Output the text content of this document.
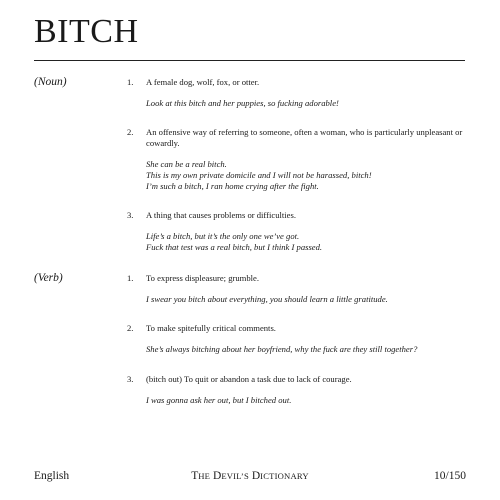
BITCH
(Noun)	1. A female dog, wolf, fox, or otter.
Look at this bitch and her puppies, so fucking adorable!
2. An offensive way of referring to someone, often a woman, who is particularly unpleasant or cowardly.
She can be a real bitch.
This is my own private domicile and I will not be harassed, bitch!
I’m such a bitch, I ran home crying after the fight.
3. A thing that causes problems or difficulties.
Life’s a bitch, but it’s the only one we’ve got.
Fuck that test was a real bitch, but I think I passed.
(Verb)	1. To express displeasure; grumble.
I swear you bitch about everything, you should learn a little gratitude.
2. To make spitefully critical comments.
She’s always bitching about her boyfriend, why the fuck are they still together?
3. (bitch out) To quit or abandon a task due to lack of courage.
I was gonna ask her out, but I bitched out.
English	THE DEVIL’S DICTIONARY	10/150
